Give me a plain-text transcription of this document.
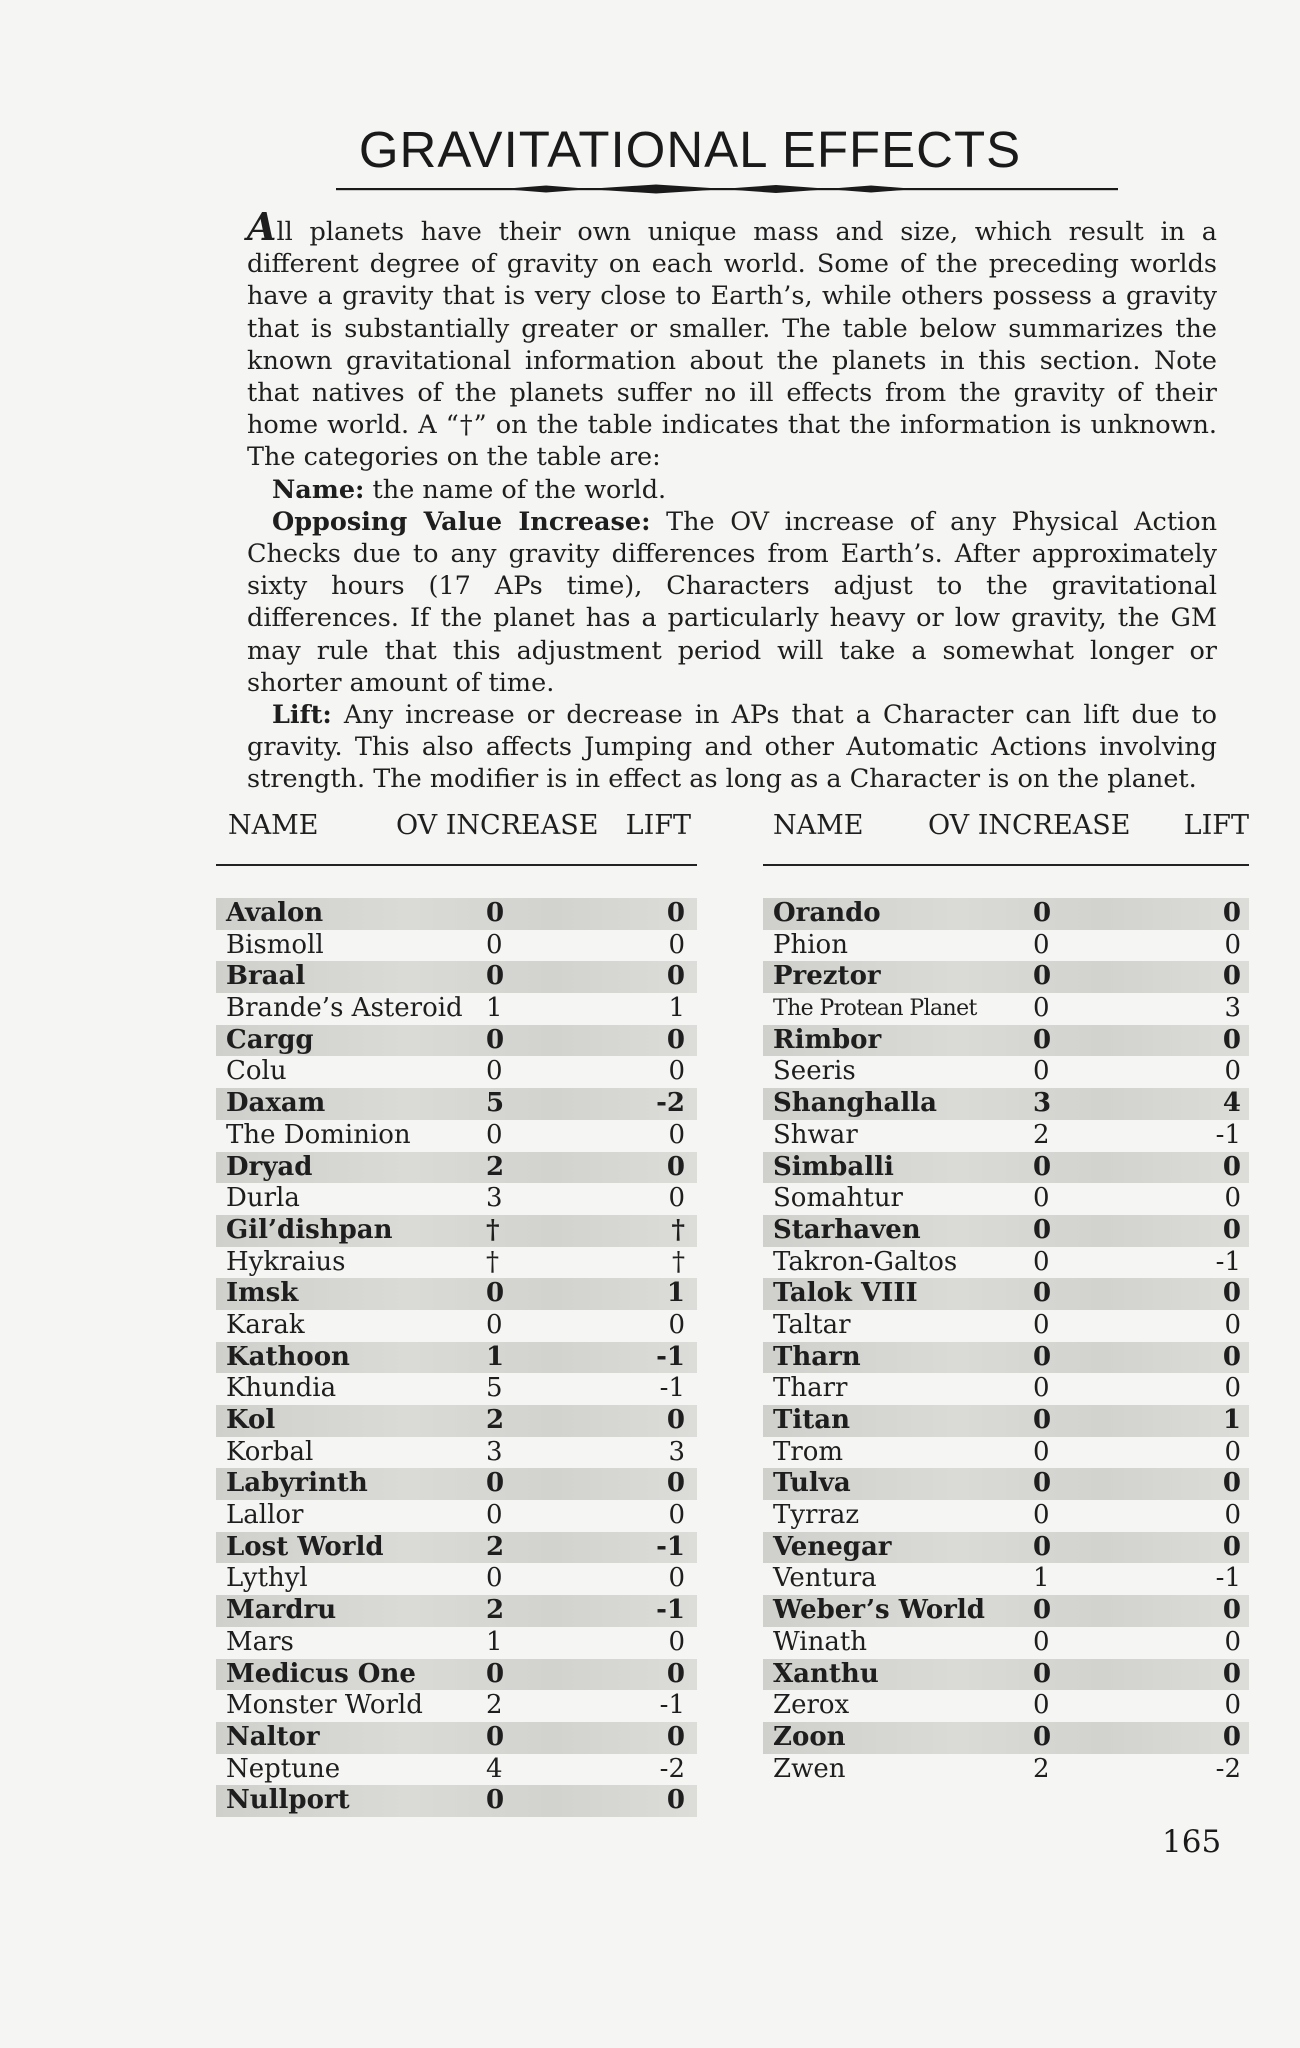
GRAVITATIONAL EFFECTS

All planets have their own unique mass and size, which result in a different degree of gravity on each world. Some of the preceding worlds have a gravity that is very close to Earth’s, while others possess a gravity that is substantially greater or smaller. The table below summarizes the known gravitational information about the planets in this section. Note that natives of the planets suffer no ill effects from the gravity of their home world. A “†” on the table indicates that the information is unknown. The categories on the table are:

Name: the name of the world.

Opposing Value Increase: The OV increase of any Physical Action Checks due to any gravity differences from Earth’s. After approximately sixty hours (17 APs time), Characters adjust to the gravitational differences. If the planet has a particularly heavy or low gravity, the GM may rule that this adjustment period will take a somewhat longer or shorter amount of time.

Lift: Any increase or decrease in APs that a Character can lift due to gravity. This also affects Jumping and other Automatic Actions involving strength. The modifier is in effect as long as a Character is on the planet.

NAME	OV INCREASE LIFT
Avalon	0	0
Bismoll	0	0
Braal	0	0
Brande’s Asteroid 1	1
Cargg	0	0
Colu	0	0
Daxam	5	-2
The Dominion	0	0
Dryad	2	0
Durla	3	0
Gil’dishpan	†	†
Hykraius	†	†
Imsk	0	1
Karak	0	0
Kathoon	1	-1
Khundia	5	-1
Kol	2	0
Korbal	3	3
Labyrinth	0	0
Lallor	0	0
Lost World	2	-1
Lythyl	0	0
Mardru	2	-1
Mars	1	0
Medicus One	0	0
Monster World 2	-1
Naltor	0	0
Neptune	4	-2
Nullport	0	0
NAME OV INCREASE LIFT
Orando	0	0
Phion	0	0
Preztor	0	0
The Protean Planet 0	3
Rimbor	0	0
Seeris	0	0
Shanghalla	3	4
Shwar	2	-1
Simballi	0	0
Somahtur	0	0
Starhaven	0	0
Takron-Galtos	0	-1
Talok VIII	0	0
Taltar	0	0
Tharn	0	0
Tharr	0	0
Titan	0	1
Trom	0	0
Tulva	0	0
Tyrraz	0	0
Venegar	0	0
Ventura	1	-1
Weber’s World 0	0
Winath	0	0
Xanthu	0	0
Zerox	0	0
Zoon	0	0
Zwen	2	-2
165
